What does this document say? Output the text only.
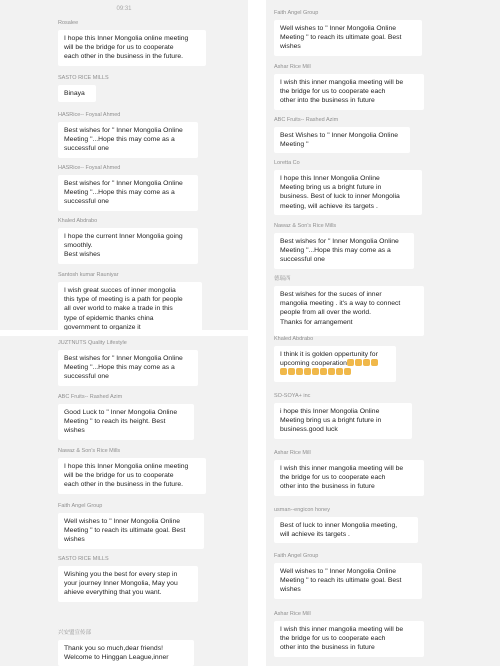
09:31
Rosalee
I hope this Inner Mongolia online meeting
will be the bridge for us to cooperate
each other in the business in the future.
SASTO RICE MILLS
Binaya
HASRice-- Foysal Ahmed
Best wishes for " Inner Mongolia Online
Meeting "...Hope this may come as a
successful one
HASRice-- Foysal Ahmed
Best wishes for " Inner Mongolia Online
Meeting "...Hope this may come as a
successful one
Khaled Abdrabo
I hope the current Inner Mongolia going
smoothly.
Best wishes
Santosh kumar Rauniyar
I wish great succes of inner mongolia
this type of meeting is a path for people
all over world to make a trade in this
type of epidemic thanks china
government to organize it
JUZTNUTS Quality Lifestyle
Best wishes for " Inner Mongolia Online
Meeting "...Hope this may come as a
successful one
ABC Fruits-- Rashed Azim
Good Luck to " Inner Mongolia Online
Meeting " to reach its height. Best
wishes
Nawaz & Son's Rice Mills
I hope this Inner Mongolia online meeting
will be the bridge for us to cooperate
each other in the business in the future.
Faith Angel Group
Well wishes to " Inner Mongolia Online
Meeting " to reach its ultimate goal. Best
wishes
SASTO RICE MILLS
Wishing you the best for every step in
your journey Inner Mongolia, May you
ahieve everything that you want.
兴安盟宣传部
Thank you so much,dear friends!
Welcome to Hinggan League,inner
Faith Angel Group
Well wishes to " Inner Mongolia Online
Meeting " to reach its ultimate goal. Best
wishes
Ashar Rice Mill
I wish this inner mangolia meeting will be
the bridge for us to cooperate each
other into the business in future
ABC Fruits-- Rashed Azim
Best Wishes to " Inner Mongolia Online
Meeting "
Loretta Co
I hope this Inner Mongolia Online
Meeting bring us a bright future in
business. Best of luck to inner Mongolia
meeting, will achieve its targets .
Nawaz & Son's Rice Mills
Best wishes for " Inner Mongolia Online
Meeting "...Hope this may come as a
successful one
德瑞西
Best wishes for the suces of inner
mangolia meeting . it's a way to connect
people from all over the world.
Thanks for arrangement
Khaled Abdrabo
I think it is golden oppertunity for
upcoming cooperation
SO-SOYA+ inc
i hope this Inner Mongolia Online
Meeting bring us a bright future in
business.good luck
Ashar Rice Mill
I wish this inner mangolia meeting will be
the bridge for us to cooperate each
other into the business in future
usman--engicon honey
Best of luck to inner Mongolia meeting,
will achieve its targets .
Faith Angel Group
Well wishes to " Inner Mongolia Online
Meeting " to reach its ultimate goal. Best
wishes
Ashar Rice Mill
I wish this inner mangolia meeting will be
the bridge for us to cooperate each
other into the business in future
